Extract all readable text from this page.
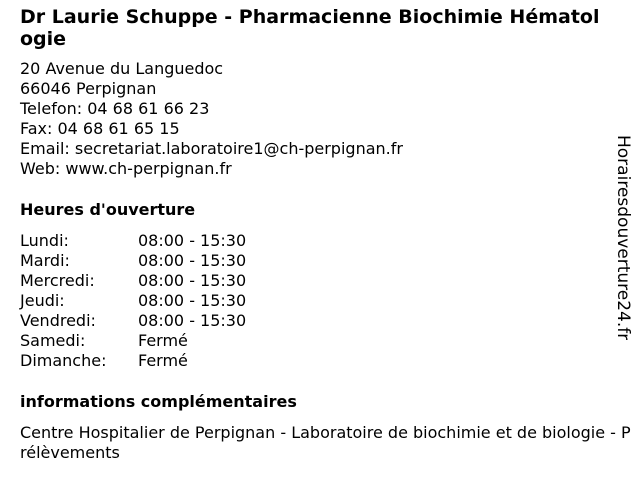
Dr Laurie Schuppe - Pharmacienne Biochimie Hématologie
20 Avenue du Languedoc
66046 Perpignan
Telefon: 04 68 61 66 23
Fax: 04 68 61 65 15
Email: secretariat.laboratoire1@ch-perpignan.fr
Web: www.ch-perpignan.fr
Heures d'ouverture
Lundi:	08:00 - 15:30
Mardi:	08:00 - 15:30
Mercredi:	08:00 - 15:30
Jeudi:	08:00 - 15:30
Vendredi:	08:00 - 15:30
Samedi:	Fermé
Dimanche:	Fermé
informations complémentaires
Centre Hospitalier de Perpignan - Laboratoire de biochimie et de biologie - Prélèvements
Horairesdouverture24.fr
